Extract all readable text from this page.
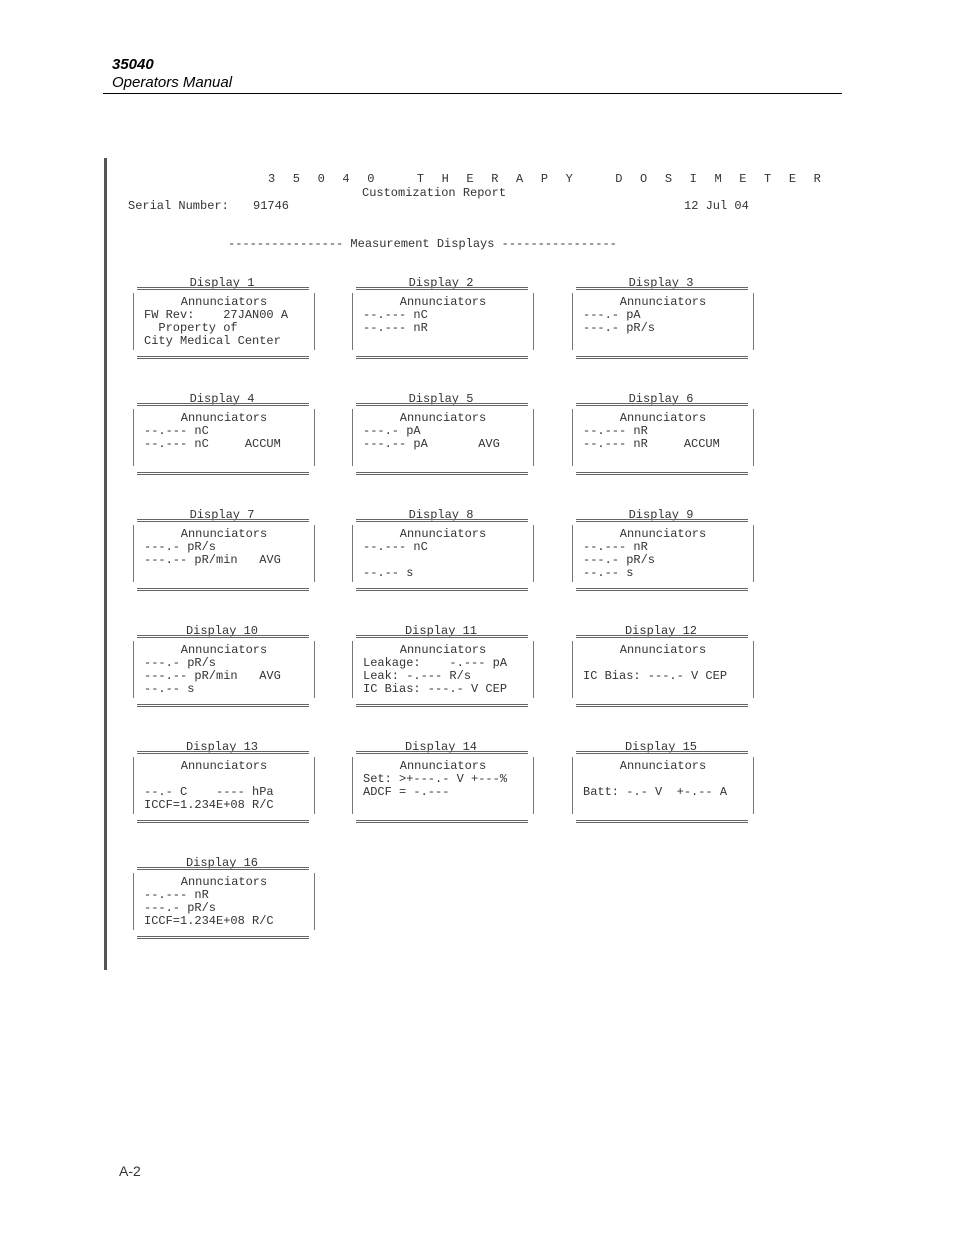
35040
Operators Manual
3 5 0 4 0   T H E R A P Y   D O S I M E T E R
Customization Report
Serial Number: 91746	12 Jul 04
---------------- Measurement Displays ----------------
Display 1
Annunciators
FW Rev:    27JAN00 A
Property of
City Medical Center
Display 2
Annunciators
--.--- nC
--.--- nR
Display 3
Annunciators
---.- pA
---.- pR/s
Display 4
Annunciators
--.--- nC
--.--- nC     ACCUM
Display 5
Annunciators
---.- pA
---.-- pA       AVG
Display 6
Annunciators
--.--- nR
--.--- nR     ACCUM
Display 7
Annunciators
---.- pR/s
---.-- pR/min   AVG
Display 8
Annunciators
--.--- nC
--.-- s
Display 9
Annunciators
--.--- nR
---.- pR/s
--.-- s
Display 10
Annunciators
---.- pR/s
---.-- pR/min   AVG
--.-- s
Display 11
Annunciators
Leakage:    -.--- pA
Leak: -.--- R/s
IC Bias: ---.- V CEP
Display 12
Annunciators
IC Bias: ---.- V CEP
Display 13
Annunciators
--.- C    ---- hPa
ICCF=1.234E+08 R/C
Display 14
Annunciators
Set: >+---.- V +---%
ADCF = -.---
Display 15
Annunciators
Batt: -.- V  +-.-- A
Display 16
Annunciators
--.--- nR
---.- pR/s
ICCF=1.234E+08 R/C
A-2
